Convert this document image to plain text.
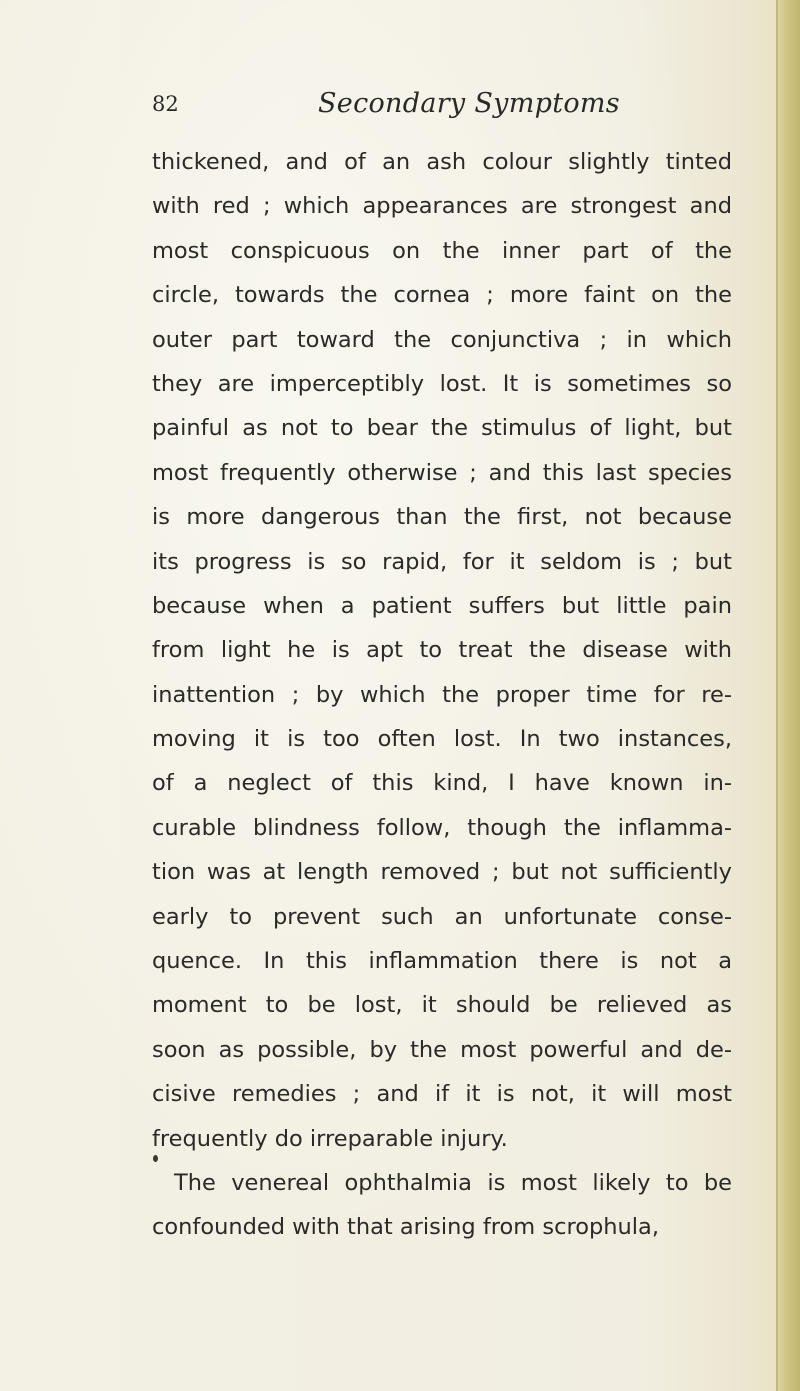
82	Secondary Symptoms
thickened, and of an ash colour slightly tinted
with red ; which appearances are strongest and
most conspicuous on the inner part of the
circle, towards the cornea ; more faint on the
outer part toward the conjunctiva ; in which
they are imperceptibly lost. It is sometimes so
painful as not to bear the stimulus of light, but
most frequently otherwise ; and this last species
is more dangerous than the first, not because
its progress is so rapid, for it seldom is ; but
because when a patient suffers but little pain
from light he is apt to treat the disease with
inattention ; by which the proper time for re-
moving it is too often lost. In two instances,
of a neglect of this kind, I have known in-
curable blindness follow, though the inflamma-
tion was at length removed ; but not sufficiently
early to prevent such an unfortunate conse-
quence. In this inflammation there is not a
moment to be lost, it should be relieved as
soon as possible, by the most powerful and de-
cisive remedies ; and if it is not, it will most
frequently do irreparable injury.
The venereal ophthalmia is most likely to be
confounded with that arising from scrophula,
